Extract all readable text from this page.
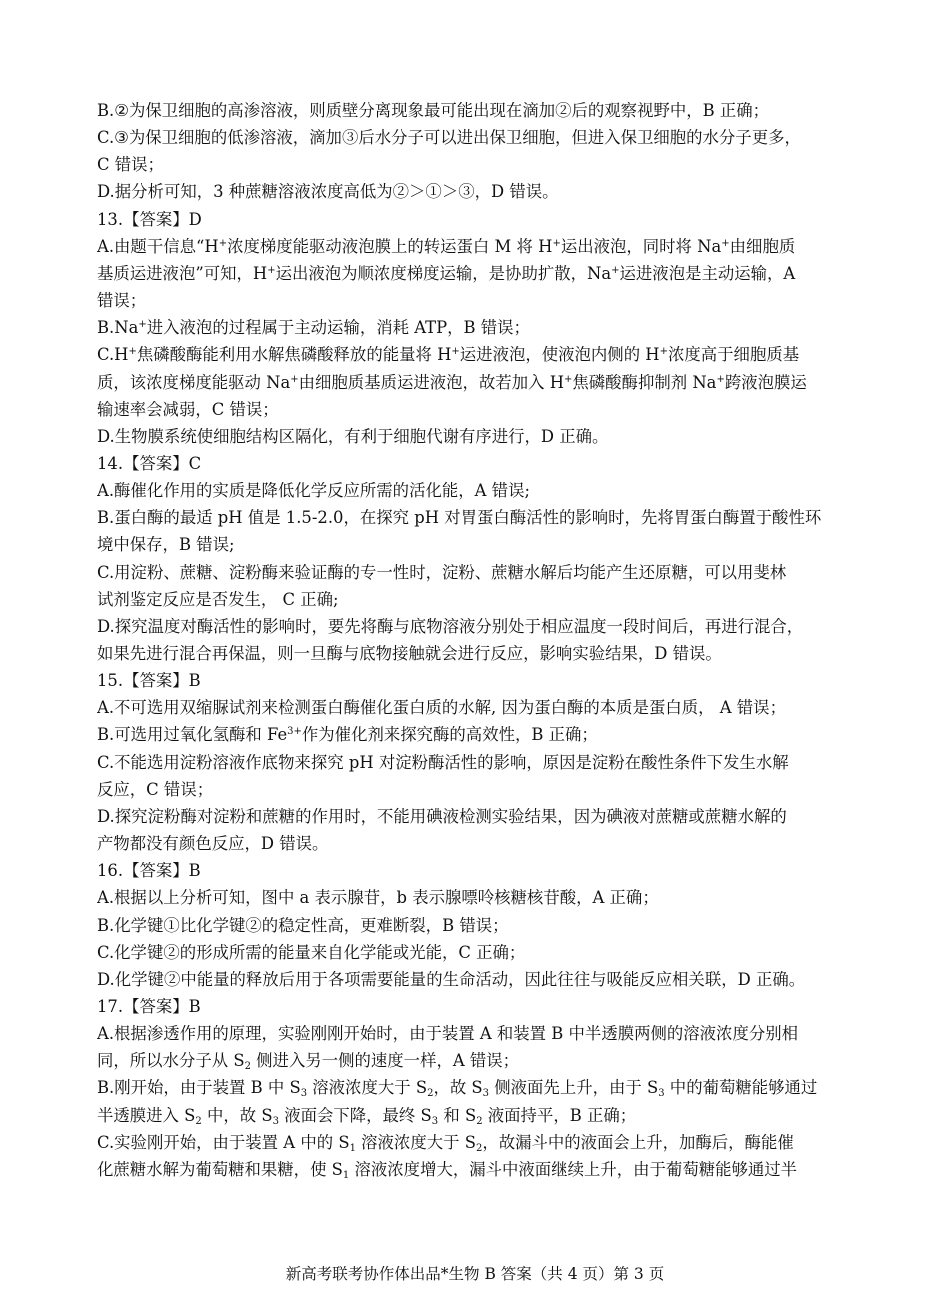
B.②为保卫细胞的高渗溶液，则质壁分离现象最可能出现在滴加②后的观察视野中，B 正确；
C.③为保卫细胞的低渗溶液，滴加③后水分子可以进出保卫细胞，但进入保卫细胞的水分子更多，
C 错误；
D.据分析可知，3 种蔗糖溶液浓度高低为②＞①＞③，D 错误。
13.【答案】D
A.由题干信息“H+浓度梯度能驱动液泡膜上的转运蛋白 M 将 H+运出液泡，同时将 Na+由细胞质
基质运进液泡”可知，H+运出液泡为顺浓度梯度运输，是协助扩散，Na+运进液泡是主动运输，A
错误；
B.Na+进入液泡的过程属于主动运输，消耗 ATP，B 错误；
C.H+焦磷酸酶能利用水解焦磷酸释放的能量将 H+运进液泡，使液泡内侧的 H+浓度高于细胞质基
质，该浓度梯度能驱动 Na+由细胞质基质运进液泡，故若加入 H+焦磷酸酶抑制剂 Na+跨液泡膜运
输速率会减弱，C 错误；
D.生物膜系统使细胞结构区隔化，有利于细胞代谢有序进行，D 正确。
14.【答案】C
A.酶催化作用的实质是降低化学反应所需的活化能，A 错误;
B.蛋白酶的最适 pH 值是 1.5-2.0，在探究 pH 对胃蛋白酶活性的影响时，先将胃蛋白酶置于酸性环
境中保存，B 错误;
C.用淀粉、蔗糖、淀粉酶来验证酶的专一性时，淀粉、蔗糖水解后均能产生还原糖，可以用斐林
试剂鉴定反应是否发生， C 正确;
D.探究温度对酶活性的影响时，要先将酶与底物溶液分别处于相应温度一段时间后，再进行混合，
如果先进行混合再保温，则一旦酶与底物接触就会进行反应，影响实验结果，D 错误。
15.【答案】B
A.不可选用双缩脲试剂来检测蛋白酶催化蛋白质的水解, 因为蛋白酶的本质是蛋白质， A 错误；
B.可选用过氧化氢酶和 $Fe^{3+}$作为催化剂来探究酶的高效性，B 正确；
C.不能选用淀粉溶液作底物来探究 pH 对淀粉酶活性的影响，原因是淀粉在酸性条件下发生水解
反应，C 错误；
D.探究淀粉酶对淀粉和蔗糖的作用时，不能用碘液检测实验结果，因为碘液对蔗糖或蔗糖水解的
产物都没有颜色反应，D 错误。
16.【答案】B
A.根据以上分析可知，图中 a 表示腺苷，b 表示腺嘌呤核糖核苷酸，A 正确；
B.化学键①比化学键②的稳定性高，更难断裂，B 错误；
C.化学键②的形成所需的能量来自化学能或光能，C 正确；
D.化学键②中能量的释放后用于各项需要能量的生命活动，因此往往与吸能反应相关联，D 正确。
17.【答案】B
A.根据渗透作用的原理，实验刚刚开始时，由于装置 A 和装置 B 中半透膜两侧的溶液浓度分别相
同，所以水分子从 $S_2$ 侧进入另一侧的速度一样，A 错误；
B.刚开始，由于装置 B 中 $S_3$ 溶液浓度大于 $S_2$，故 $S_3$ 侧液面先上升，由于 $S_3$ 中的葡萄糖能够通过
半透膜进入 $S_2$ 中，故 $S_3$ 液面会下降，最终 $S_3$ 和 $S_2$ 液面持平，B 正确；
C.实验刚开始，由于装置 A 中的 $S_1$ 溶液浓度大于 $S_2$，故漏斗中的液面会上升，加酶后，酶能催
化蔗糖水解为葡萄糖和果糖，使 $S_1$ 溶液浓度增大，漏斗中液面继续上升，由于葡萄糖能够通过半
新高考联考协作体出品*生物 B 答案（共 4 页）第 3 页
